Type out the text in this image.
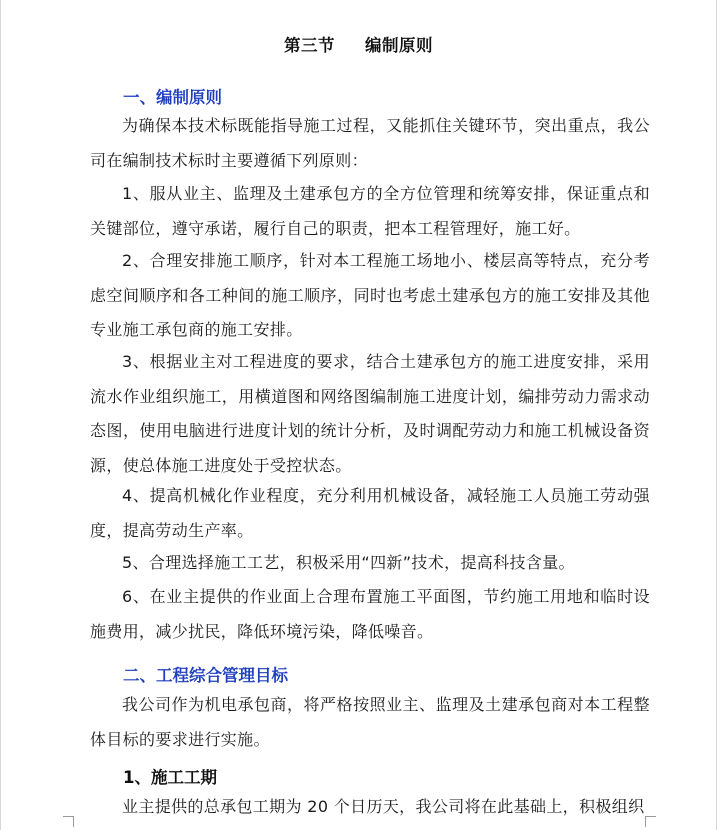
第三节 编制原则
一、编制原则
为确保本技术标既能指导施工过程，又能抓住关键环节，突出重点，我公司在编制技术标时主要遵循下列原则：
1、服从业主、监理及土建承包方的全方位管理和统筹安排，保证重点和关键部位，遵守承诺，履行自己的职责，把本工程管理好，施工好。
2、合理安排施工顺序，针对本工程施工场地小、楼层高等特点，充分考虑空间顺序和各工种间的施工顺序，同时也考虑土建承包方的施工安排及其他专业施工承包商的施工安排。
3、根据业主对工程进度的要求，结合土建承包方的施工进度安排，采用流水作业组织施工，用横道图和网络图编制施工进度计划，编排劳动力需求动态图，使用电脑进行进度计划的统计分析，及时调配劳动力和施工机械设备资源，使总体施工进度处于受控状态。
4、提高机械化作业程度，充分利用机械设备，减轻施工人员施工劳动强度，提高劳动生产率。
5、合理选择施工工艺，积极采用“四新”技术，提高科技含量。
6、在业主提供的作业面上合理布置施工平面图，节约施工用地和临时设施费用，减少扰民，降低环境污染，降低噪音。
二、工程综合管理目标
我公司作为机电承包商，将严格按照业主、监理及土建承包商对本工程整体目标的要求进行实施。
1、施工工期
业主提供的总承包工期为 20 个日历天，我公司将在此基础上，积极组织
